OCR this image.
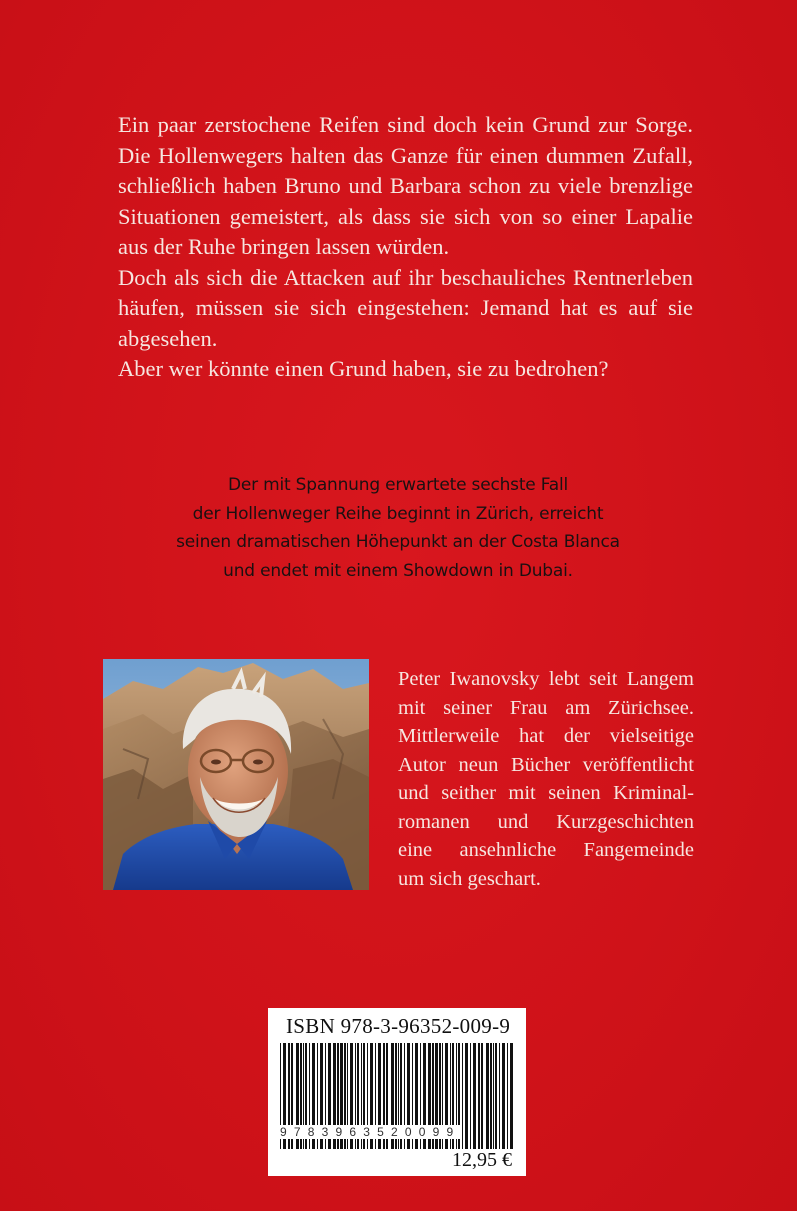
Ein paar zerstochene Reifen sind doch kein Grund zur Sorge. Die Hollenwegers halten das Ganze für einen dummen Zufall, schließlich haben Bruno und Barbara schon zu viele brenzlige Situationen gemeistert, als dass sie sich von so einer Lapalie aus der Ruhe bringen lassen würden.

Doch als sich die Attacken auf ihr beschauliches Rentnerleben häufen, müssen sie sich eingestehen: Jemand hat es auf sie abgesehen.

Aber wer könnte einen Grund haben, sie zu bedrohen?

Der mit Spannung erwartete sechste Fall

der Hollenweger Reihe beginnt in Zürich, erreicht

seinen dramatischen Höhepunkt an der Costa Blanca

und endet mit einem Showdown in Dubai.

Peter Iwanovsky lebt seit Langem

mit seiner Frau am Zürichsee.

Mittlerweile hat der vielseitige

Autor neun Bücher veröffentlicht

und seither mit seinen Kriminal-

romanen und Kurzgeschichten

eine ansehnliche Fangemeinde

um sich geschart.

ISBN 978-3-96352-009-9
9783963520099
12,95 €
